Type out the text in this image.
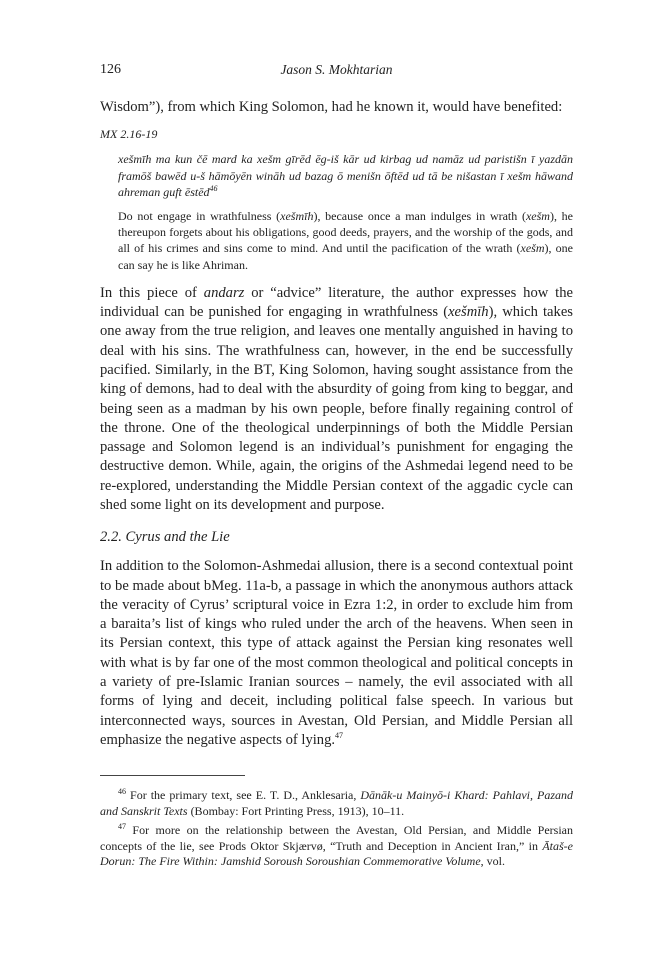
126	Jason S. Mokhtarian

Wisdom”), from which King Solomon, had he known it, would have benefited:

MX 2.16-19

xešmīh ma kun čē mard ka xešm gīrēd ēg-iš kār ud kirbag ud namāz ud paristišn ī yazdān framōš bawēd u-š hāmōyēn wināh ud bazag ō menišn ōftēd ud tā be nišastan ī xešm hāwand ahreman guft ēstēd$^{46}$

Do not engage in wrathfulness (xešmīh), because once a man indulges in wrath (xešm), he thereupon forgets about his obligations, good deeds, prayers, and the worship of the gods, and all of his crimes and sins come to mind. And until the pacification of the wrath (xešm), one can say he is like Ahriman.

In this piece of andarz or “advice” literature, the author expresses how the individual can be punished for engaging in wrathfulness (xešmīh), which takes one away from the true religion, and leaves one mentally anguished in having to deal with his sins. The wrathfulness can, however, in the end be successfully pacified. Similarly, in the BT, King Solomon, having sought assistance from the king of demons, had to deal with the absurdity of going from king to beggar, and being seen as a madman by his own people, before finally regaining control of the throne. One of the theological underpinnings of both the Middle Persian passage and Solomon legend is an individual’s punishment for engaging the destructive demon. While, again, the origins of the Ashmedai legend need to be re-explored, understanding the Middle Persian context of the aggadic cycle can shed some light on its development and purpose.

2.2. Cyrus and the Lie

In addition to the Solomon-Ashmedai allusion, there is a second contextual point to be made about bMeg. 11a-b, a passage in which the anonymous authors attack the veracity of Cyrus’ scriptural voice in Ezra 1:2, in order to exclude him from a baraita’s list of kings who ruled under the arch of the heavens. When seen in its Persian context, this type of attack against the Persian king resonates well with what is by far one of the most common theological and political concepts in a variety of pre-Islamic Iranian sources – namely, the evil associated with all forms of lying and deceit, including political false speech. In various but interconnected ways, sources in Avestan, Old Persian, and Middle Persian all emphasize the negative aspects of lying.$^{47}$

$^{46}$ For the primary text, see E. T. D., Anklesaria, Dānāk-u Mainyō-i Khard: Pahlavi, Pazand and Sanskrit Texts (Bombay: Fort Printing Press, 1913), 10–11.

$^{47}$ For more on the relationship between the Avestan, Old Persian, and Middle Persian concepts of the lie, see Prods Oktor Skjærvø, “Truth and Deception in Ancient Iran,” in Ātaš-e Dorun: The Fire Within: Jamshid Soroush Soroushian Commemorative Volume, vol.
